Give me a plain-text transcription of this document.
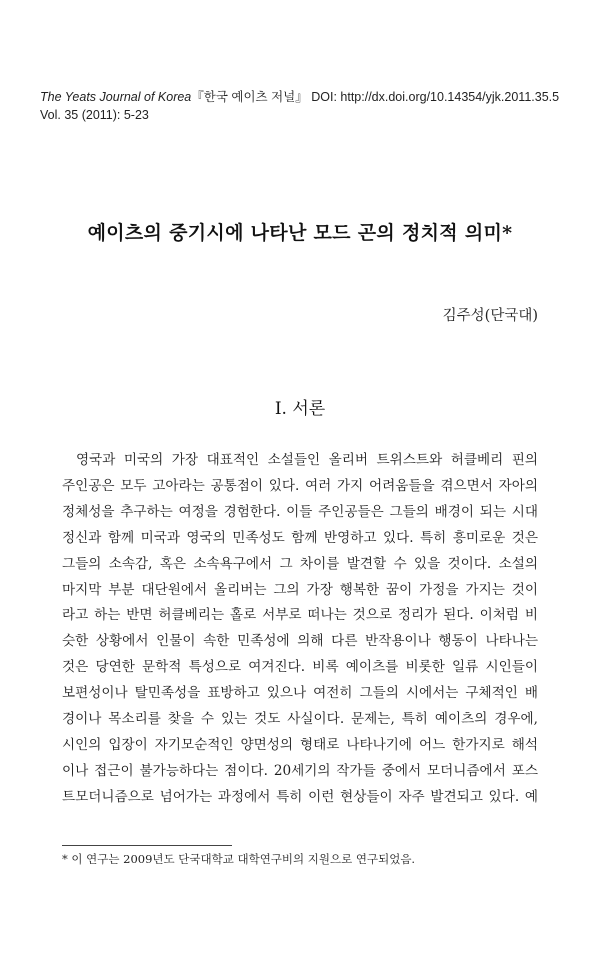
The Yeats Journal of Korea『한국 예이츠 저널』 DOI: http://dx.doi.org/10.14354/yjk.2011.35.5
Vol. 35 (2011): 5-23
예이츠의 중기시에 나타난 모드 곤의 정치적 의미*
김주성(단국대)
I. 서론
영국과 미국의 가장 대표적인 소설들인 올리버 트위스트와 허클베리 핀의
주인공은 모두 고아라는 공통점이 있다. 여러 가지 어려움들을 겪으면서 자아의
정체성을 추구하는 여정을 경험한다. 이들 주인공들은 그들의 배경이 되는 시대
정신과 함께 미국과 영국의 민족성도 함께 반영하고 있다. 특히 흥미로운 것은
그들의 소속감, 혹은 소속욕구에서 그 차이를 발견할 수 있을 것이다. 소설의
마지막 부분 대단원에서 올리버는 그의 가장 행복한 꿈이 가정을 가지는 것이
라고 하는 반면 허클베리는 홀로 서부로 떠나는 것으로 정리가 된다. 이처럼 비
슷한 상황에서 인물이 속한 민족성에 의해 다른 반작용이나 행동이 나타나는
것은 당연한 문학적 특성으로 여겨진다. 비록 예이츠를 비롯한 일류 시인들이
보편성이나 탈민족성을 표방하고 있으나 여전히 그들의 시에서는 구체적인 배
경이나 목소리를 찾을 수 있는 것도 사실이다. 문제는, 특히 예이츠의 경우에,
시인의 입장이 자기모순적인 양면성의 형태로 나타나기에 어느 한가지로 해석
이나 접근이 불가능하다는 점이다. 20세기의 작가들 중에서 모더니즘에서 포스
트모더니즘으로 넘어가는 과정에서 특히 이런 현상들이 자주 발견되고 있다. 예
* 이 연구는 2009년도 단국대학교 대학연구비의 지원으로 연구되었음.
